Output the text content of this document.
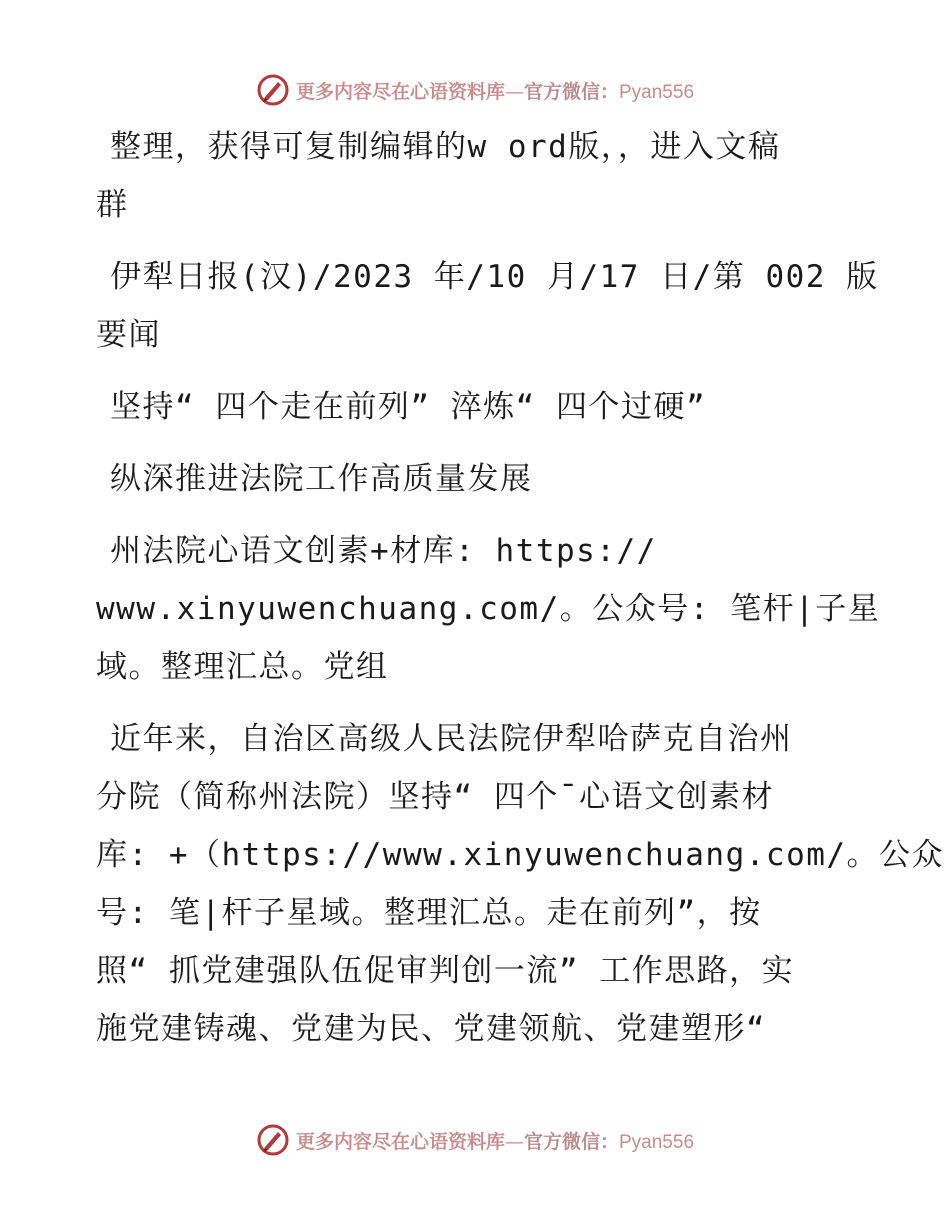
更多内容尽在心语资料库—官方微信：Pyan556

整理，获得可复制编辑的w ord版，，进入文稿
群

伊犁日报(汉)/2023 年/10 月/17 日/第 002 版
要闻

坚持“ 四个走在前列” 淬炼“ 四个过硬”

纵深推进法院工作高质量发展

州法院心语文创素+材库: https://
www.xinyuwenchuang.com/。公众号: 笔杆|子星
域。整理汇总。党组

近年来，自治区高级人民法院伊犁哈萨克自治州
分院（简称州法院）坚持“ 四个¯心语文创素材
库: +（https://www.xinyuwenchuang.com/。公众
号: 笔|杆子星域。整理汇总。走在前列”，按
照“ 抓党建强队伍促审判创一流” 工作思路，实
施党建铸魂、党建为民、党建领航、党建塑形“

更多内容尽在心语资料库—官方微信：Pyan556
